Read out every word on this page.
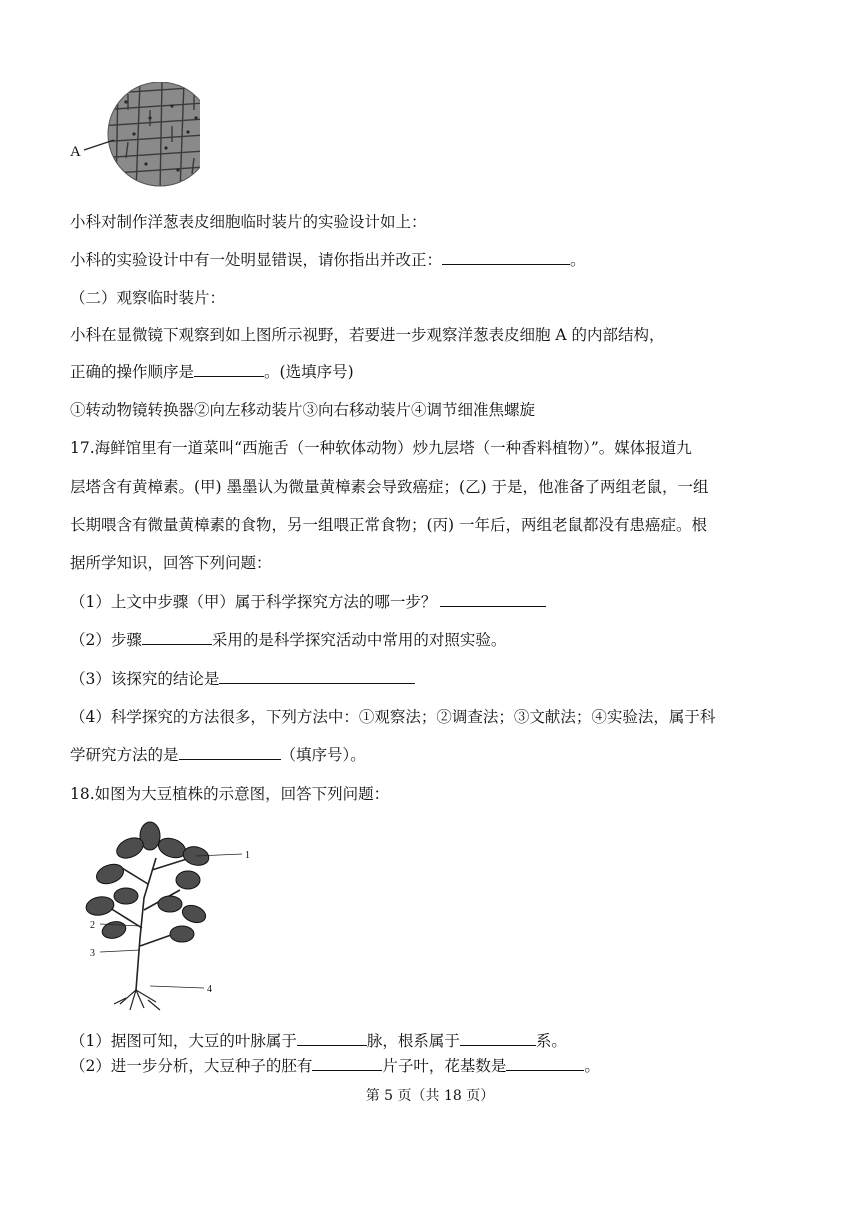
A
小科对制作洋葱表皮细胞临时装片的实验设计如上：
小科的实验设计中有一处明显错误，请你指出并改正：	。
（二）观察临时装片：
小科在显微镜下观察到如上图所示视野，若要进一步观察洋葱表皮细胞 A 的内部结构，
正确的操作顺序是	。(选填序号)
①转动物镜转换器②向左移动装片③向右移动装片④调节细准焦螺旋
17.海鲜馆里有一道菜叫“西施舌（一种软体动物）炒九层塔（一种香料植物）”。媒体报道九
层塔含有黄樟素。(甲) 墨墨认为微量黄樟素会导致癌症；(乙) 于是，他准备了两组老鼠，一组
长期喂含有微量黄樟素的食物，另一组喂正常食物；(丙) 一年后，两组老鼠都没有患癌症。根
据所学知识，回答下列问题：
（1）上文中步骤（甲）属于科学探究方法的哪一步？
（2）步骤	采用的是科学探究活动中常用的对照实验。
（3）该探究的结论是
（4）科学探究的方法很多，下列方法中：①观察法；②调查法；③文献法；④实验法，属于科
学研究方法的是	（填序号）。
18.如图为大豆植株的示意图，回答下列问题：
1
2
3
4
（1）据图可知，大豆的叶脉属于	脉，根系属于	系。
（2）进一步分析，大豆种子的胚有	片子叶，花基数是	。
第 5 页（共 18 页）
